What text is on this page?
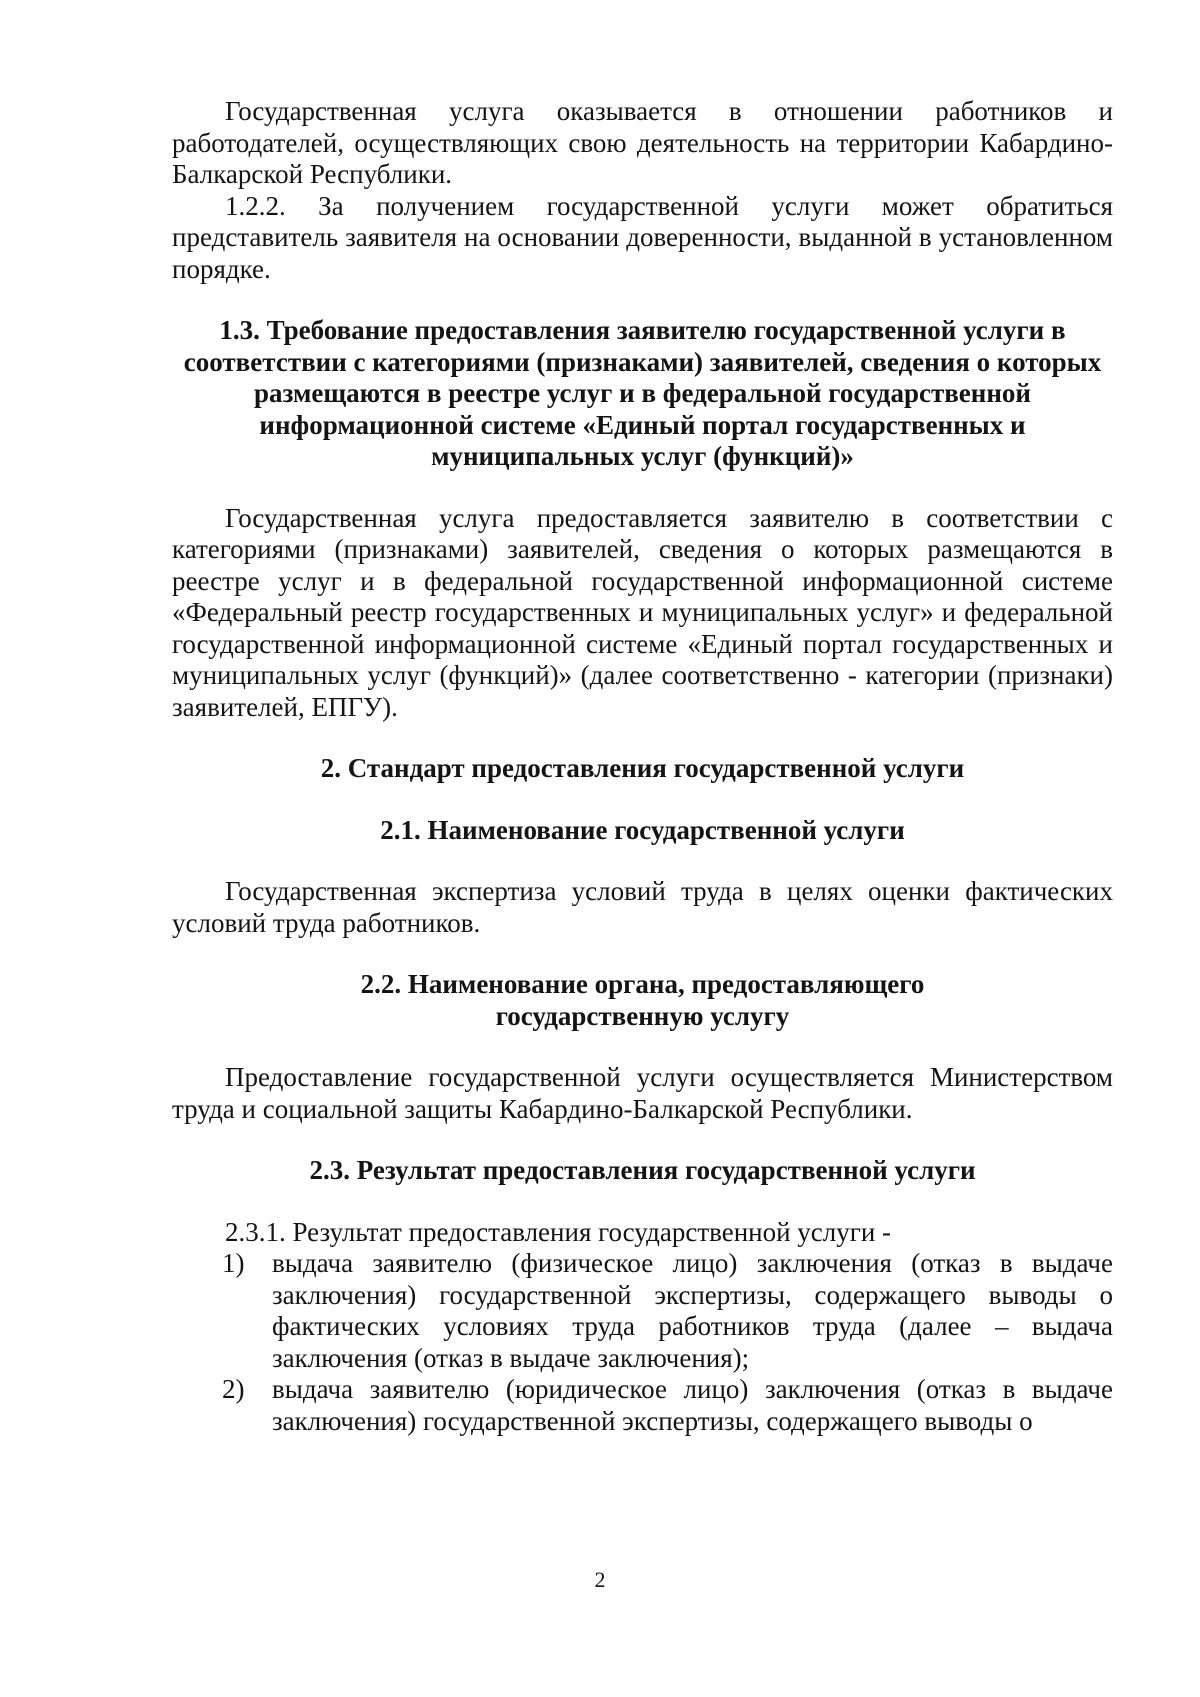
Государственная услуга оказывается в отношении работников и работодателей, осуществляющих свою деятельность на территории Кабардино-Балкарской Республики.

1.2.2. За получением государственной услуги может обратиться представитель заявителя на основании доверенности, выданной в установленном порядке.

1.3. Требование предоставления заявителю государственной услуги в соответствии с категориями (признаками) заявителей, сведения о которых размещаются в реестре услуг и в федеральной государственной информационной системе «Единый портал государственных и муниципальных услуг (функций)»

Государственная услуга предоставляется заявителю в соответствии с категориями (признаками) заявителей, сведения о которых размещаются в реестре услуг и в федеральной государственной информационной системе «Федеральный реестр государственных и муниципальных услуг» и федеральной государственной информационной системе «Единый портал государственных и муниципальных услуг (функций)» (далее соответственно - категории (признаки) заявителей, ЕПГУ).

2. Стандарт предоставления государственной услуги

2.1. Наименование государственной услуги

Государственная экспертиза условий труда в целях оценки фактических условий труда работников.

2.2. Наименование органа, предоставляющего

государственную услугу

Предоставление государственной услуги осуществляется Министерством труда и социальной защиты Кабардино-Балкарской Республики.

2.3. Результат предоставления государственной услуги

2.3.1. Результат предоставления государственной услуги -

1) выдача заявителю (физическое лицо) заключения (отказ в выдаче заключения) государственной экспертизы, содержащего выводы о фактических условиях труда работников труда (далее – выдача заключения (отказ в выдаче заключения);
2) выдача заявителю (юридическое лицо) заключения (отказ в выдаче заключения) государственной экспертизы, содержащего выводы о
2
